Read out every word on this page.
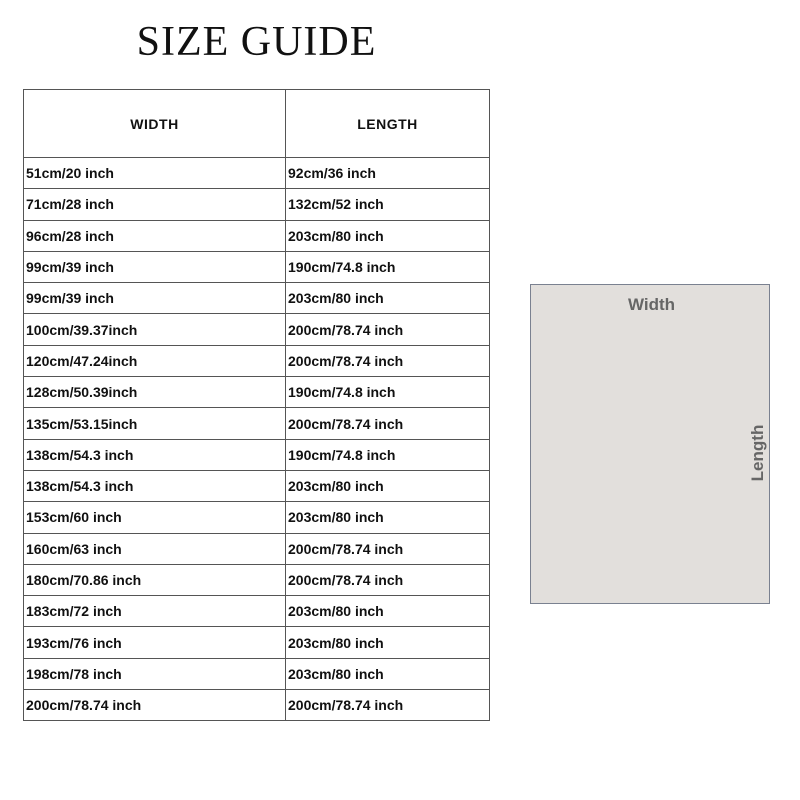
SIZE GUIDE
WIDTH	LENGTH
51cm/20 inch	92cm/36 inch
71cm/28 inch	132cm/52 inch
96cm/28 inch	203cm/80 inch
99cm/39 inch	190cm/74.8 inch
99cm/39 inch	203cm/80 inch
100cm/39.37inch	200cm/78.74 inch
120cm/47.24inch	200cm/78.74 inch
128cm/50.39inch	190cm/74.8 inch
135cm/53.15inch	200cm/78.74 inch
138cm/54.3 inch	190cm/74.8 inch
138cm/54.3 inch	203cm/80 inch
153cm/60 inch	203cm/80 inch
160cm/63 inch	200cm/78.74 inch
180cm/70.86 inch	200cm/78.74 inch
183cm/72 inch	203cm/80 inch
193cm/76 inch	203cm/80 inch
198cm/78 inch	203cm/80 inch
200cm/78.74 inch	200cm/78.74 inch
Width
Length
